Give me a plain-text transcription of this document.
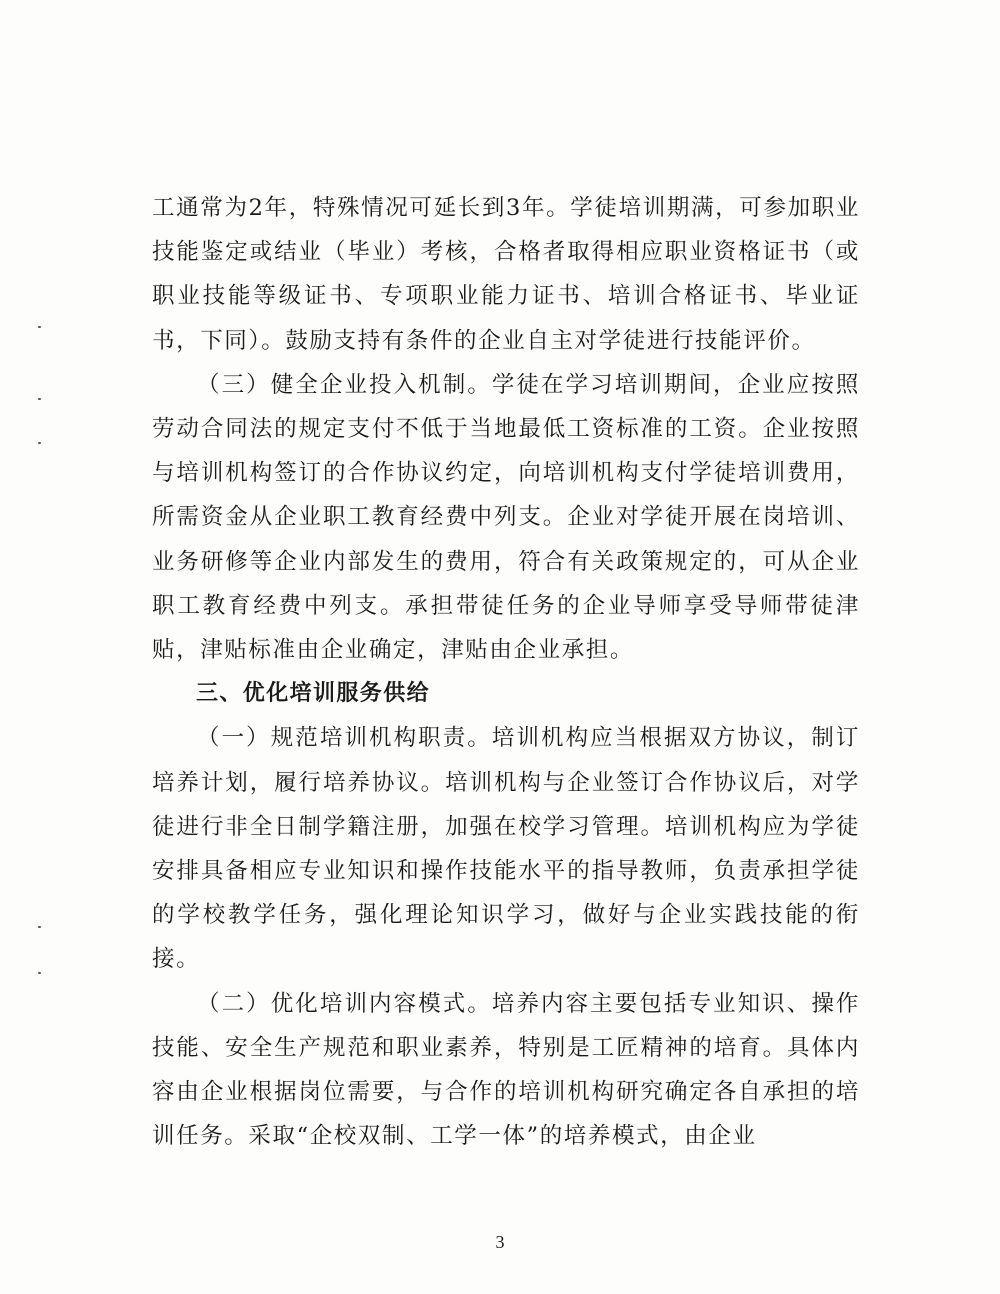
工通常为2年，特殊情况可延长到3年。学徒培训期满，可参加职业技能鉴定或结业（毕业）考核，合格者取得相应职业资格证书（或职业技能等级证书、专项职业能力证书、培训合格证书、毕业证书，下同）。鼓励支持有条件的企业自主对学徒进行技能评价。

（三）健全企业投入机制。学徒在学习培训期间，企业应按照劳动合同法的规定支付不低于当地最低工资标准的工资。企业按照与培训机构签订的合作协议约定，向培训机构支付学徒培训费用，所需资金从企业职工教育经费中列支。企业对学徒开展在岗培训、业务研修等企业内部发生的费用，符合有关政策规定的，可从企业职工教育经费中列支。承担带徒任务的企业导师享受导师带徒津贴，津贴标准由企业确定，津贴由企业承担。

三、优化培训服务供给

（一）规范培训机构职责。培训机构应当根据双方协议，制订培养计划，履行培养协议。培训机构与企业签订合作协议后，对学徒进行非全日制学籍注册，加强在校学习管理。培训机构应为学徒安排具备相应专业知识和操作技能水平的指导教师，负责承担学徒的学校教学任务，强化理论知识学习，做好与企业实践技能的衔接。

（二）优化培训内容模式。培养内容主要包括专业知识、操作技能、安全生产规范和职业素养，特别是工匠精神的培育。具体内容由企业根据岗位需要，与合作的培训机构研究确定各自承担的培训任务。采取“企校双制、工学一体”的培养模式，由企业

3
